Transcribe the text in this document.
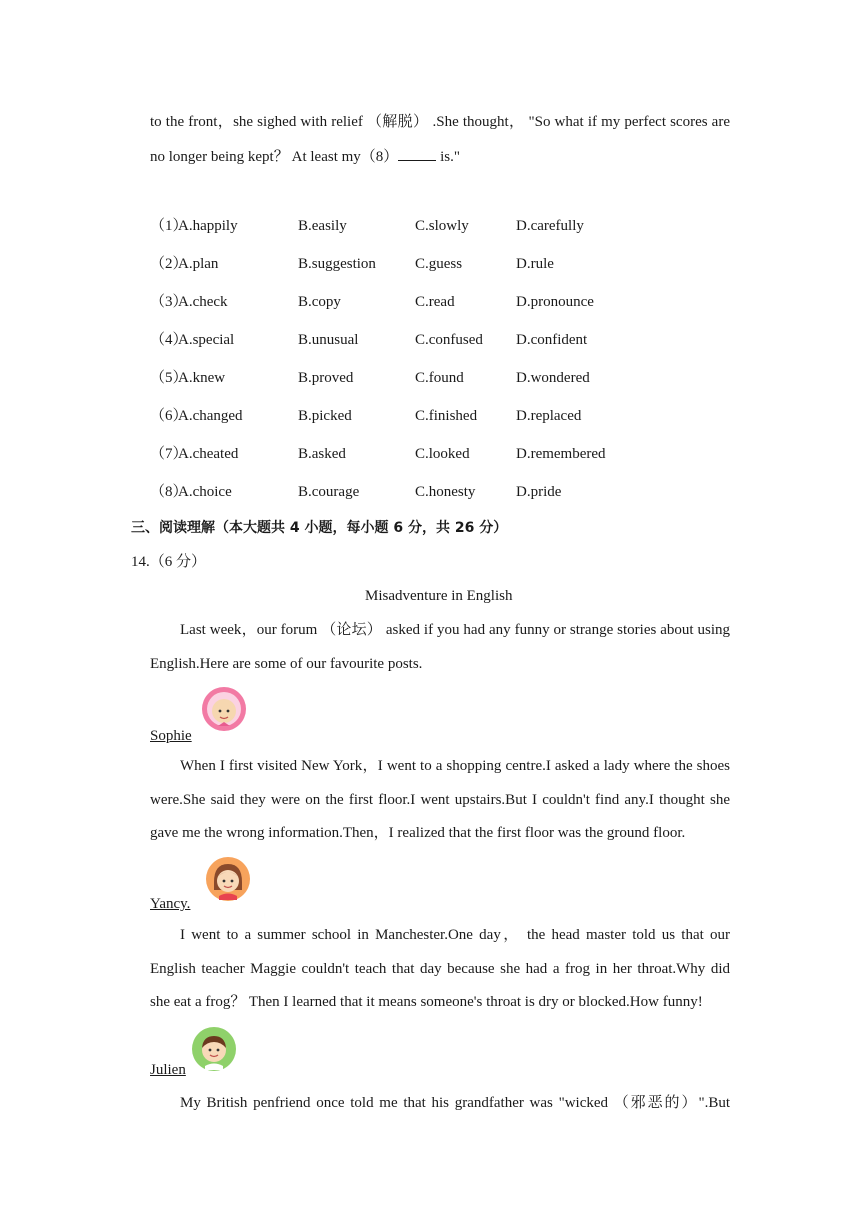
to the front，she sighed with relief （解脱） .She thought， "So what if my perfect scores are
no longer being kept？ At least my（8）	is."
（1）
A.happily	B.easily	C.slowly	D.carefully
（2）
A.plan	B.suggestion	C.guess	D.rule
（3）
A.check	B.copy	C.read	D.pronounce
（4）
A.special	B.unusual	C.confused D.confident
（5）
A.knew	B.proved	C.found	D.wondered
（6）
A.changed	B.picked	C.finished	D.replaced
（7）
A.cheated	B.asked	C.looked	D.remembered
（8）
A.choice	B.courage	C.honesty	D.pride
三、阅读理解（本大题共 4 小题，每小题 6 分，共 26 分）
14.（6 分）
Misadventure in English
Last week，our forum （论坛） asked if you had any funny or strange stories about using
English.Here are some of our favourite posts.
Sophie
When I first visited New York，I went to a shopping centre.I asked a lady where the shoes
were.She said they were on the first floor.I went upstairs.But I couldn't find any.I thought she
gave me the wrong information.Then，I realized that the first floor was the ground floor.
Yancy.
I went to a summer school in Manchester.One day， the head master told us that our
English teacher Maggie couldn't teach that day because she had a frog in her throat.Why did
she eat a frog？ Then I learned that it means someone's throat is dry or blocked.How funny!
Julien
My British penfriend once told me that his grandfather was "wicked （邪恶的）".But
